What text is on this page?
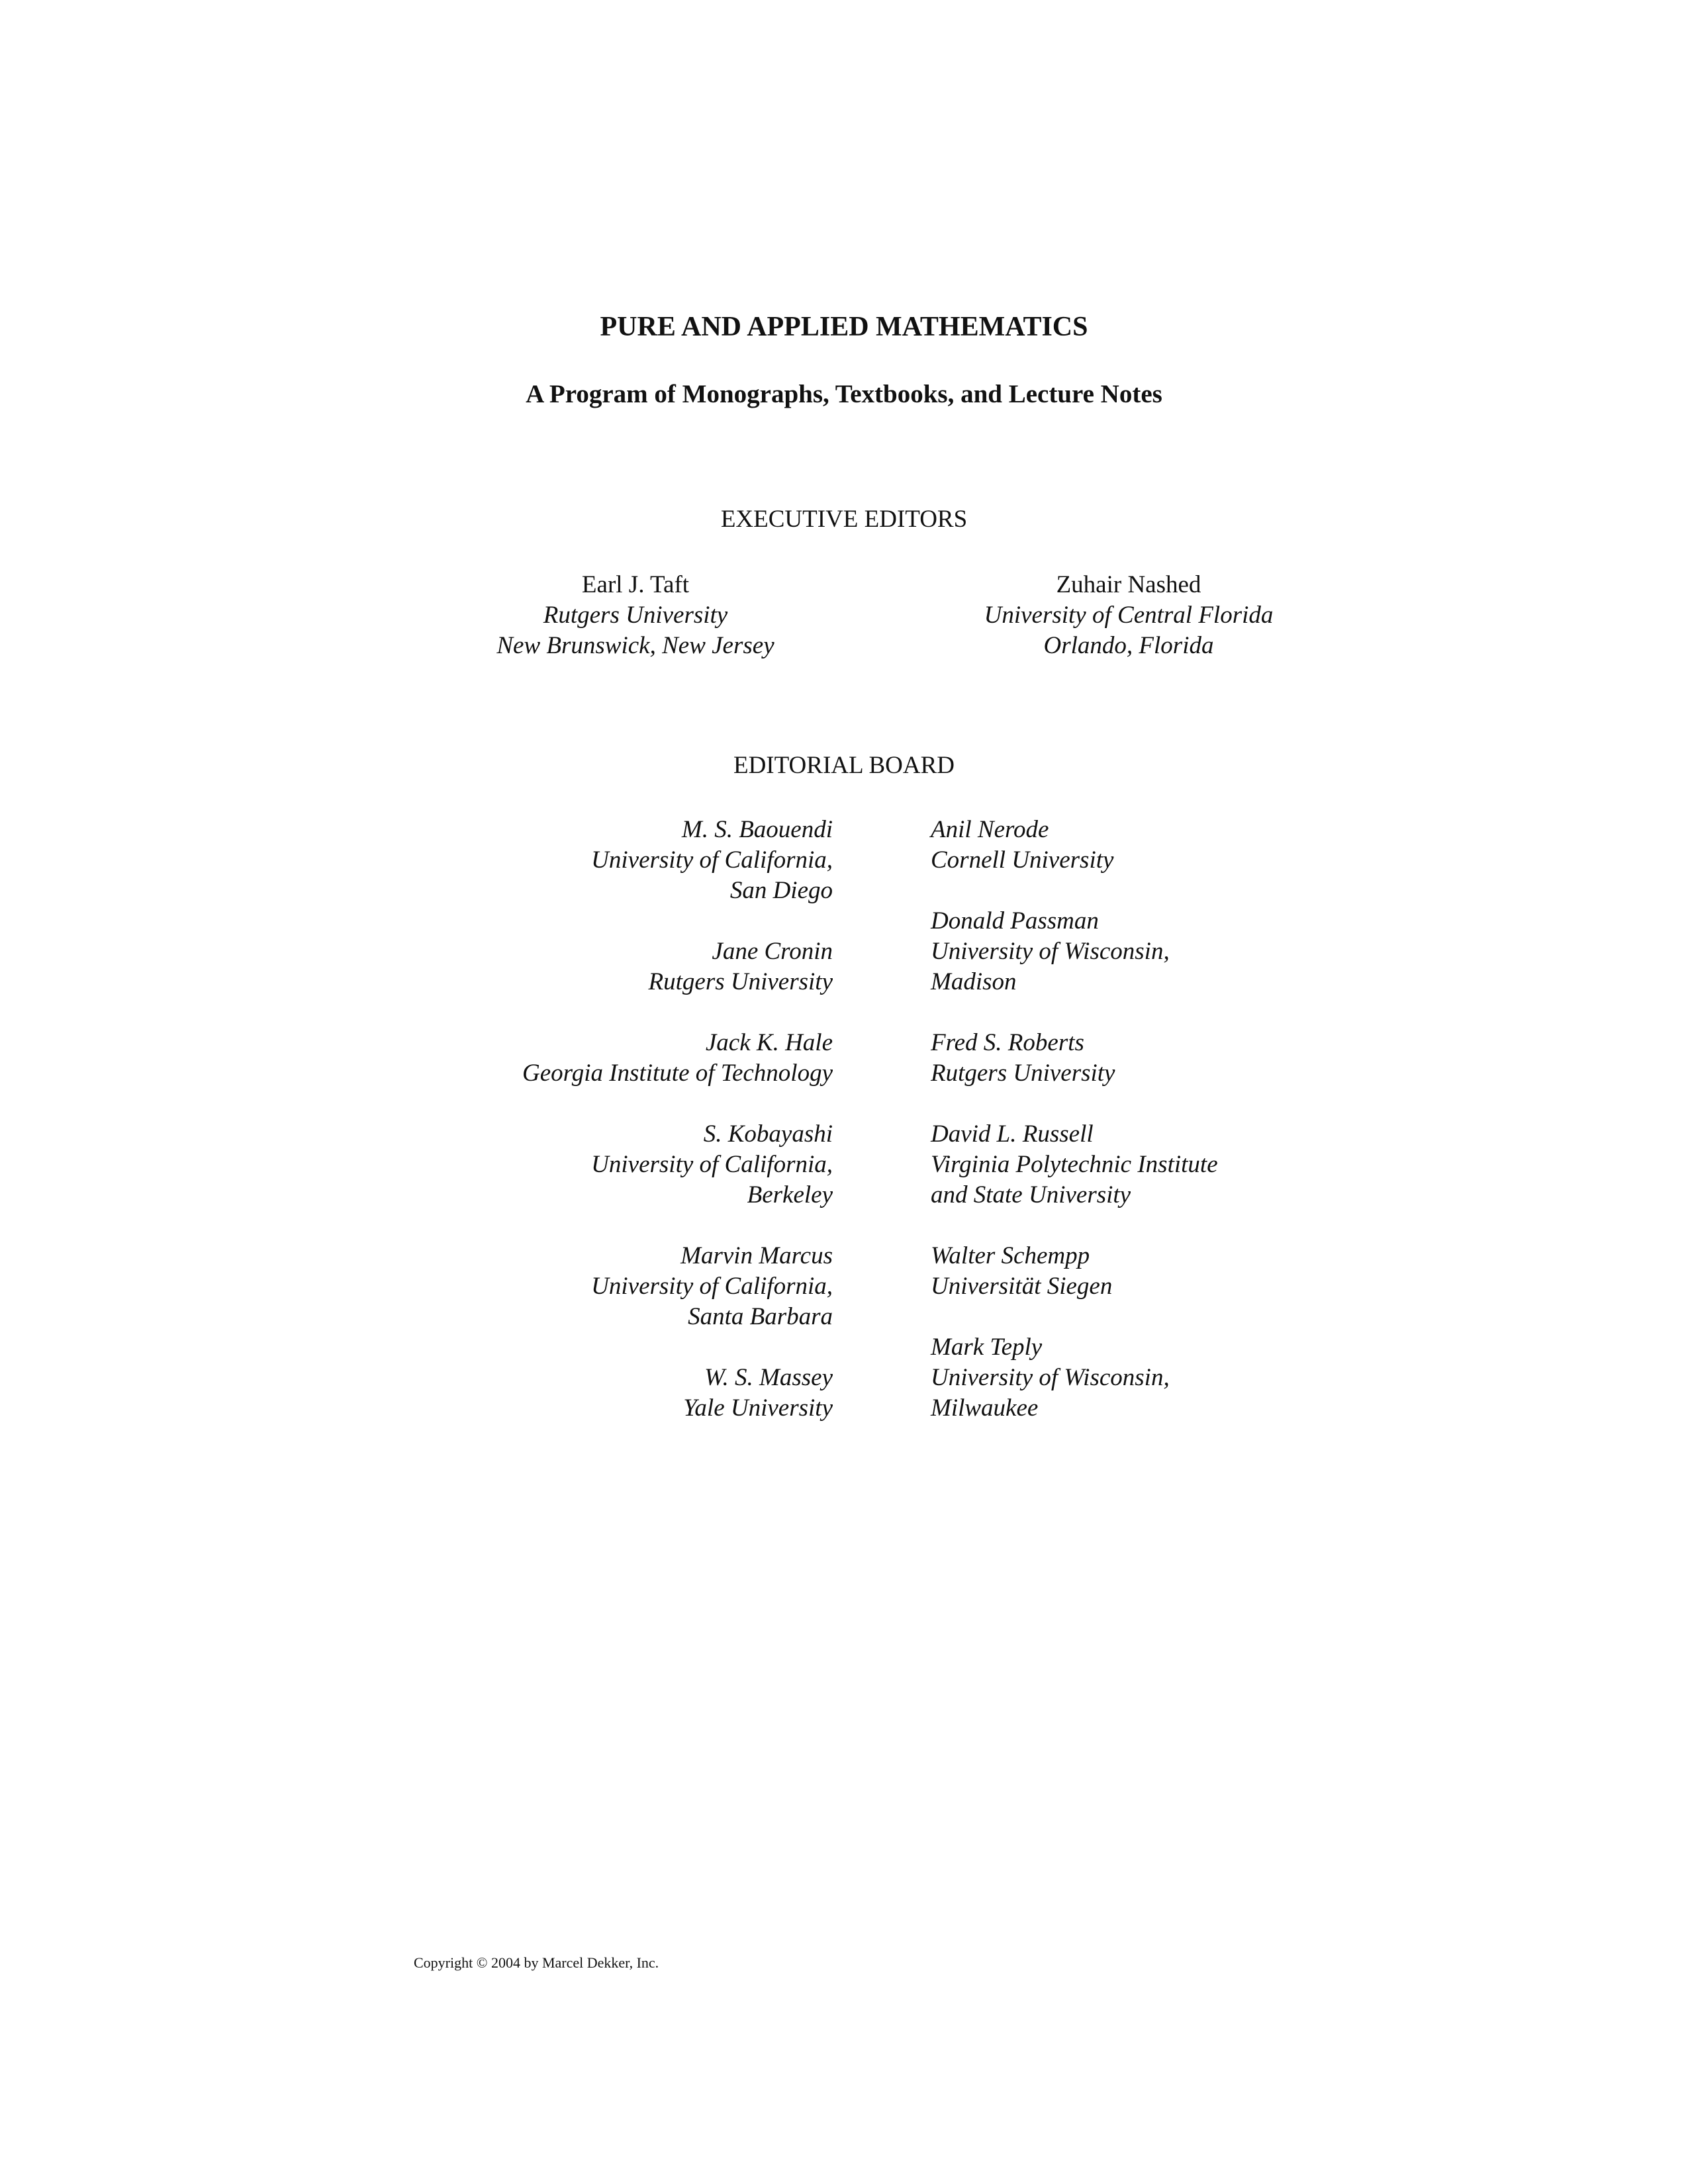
PURE AND APPLIED MATHEMATICS
A Program of Monographs, Textbooks, and Lecture Notes
EXECUTIVE EDITORS
Earl J. Taft
Rutgers University
New Brunswick, New Jersey
Zuhair Nashed
University of Central Florida
Orlando, Florida
EDITORIAL BOARD
M. S. Baouendi
University of California,
San Diego
Jane Cronin
Rutgers University
Jack K. Hale
Georgia Institute of Technology
S. Kobayashi
University of California,
Berkeley
Marvin Marcus
University of California,
Santa Barbara
W. S. Massey
Yale University
Anil Nerode
Cornell University
Donald Passman
University of Wisconsin,
Madison
Fred S. Roberts
Rutgers University
David L. Russell
Virginia Polytechnic Institute
and State University
Walter Schempp
Universität Siegen
Mark Teply
University of Wisconsin,
Milwaukee
Copyright © 2004 by Marcel Dekker, Inc.
